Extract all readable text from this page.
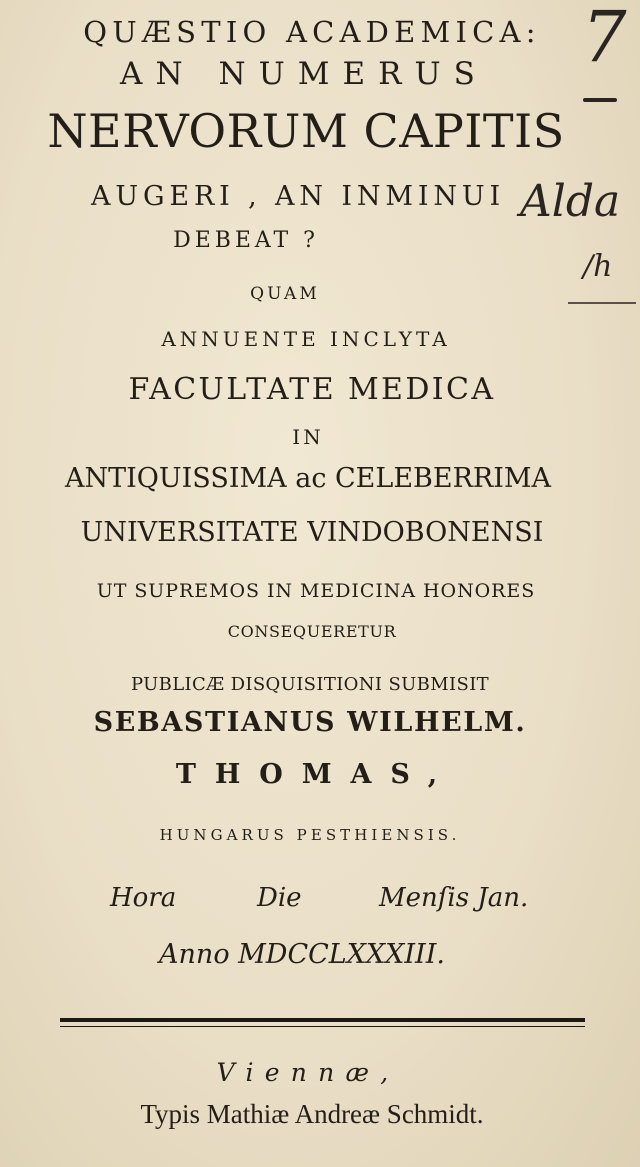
7
Alda
/h
QUÆSTIO ACADEMICA:
AN NUMERUS
NERVORUM CAPITIS
AUGERI , AN INMINUI
DEBEAT ?
QUAM
ANNUENTE INCLYTA
FACULTATE MEDICA
IN
ANTIQUISSIMA ac CELEBERRIMA
UNIVERSITATE VINDOBONENSI
UT SUPREMOS IN MEDICINA HONORES
CONSEQUERETUR
PUBLICÆ DISQUISITIONI SUBMISIT
SEBASTIANUS WILHELM.
THOMAS,
HUNGARUS PESTHIENSIS.
Hora	Die	Menſis Jan.
Anno MDCCLXXXIII.
Viennæ,
Typis Mathiæ Andreæ Schmidt.
